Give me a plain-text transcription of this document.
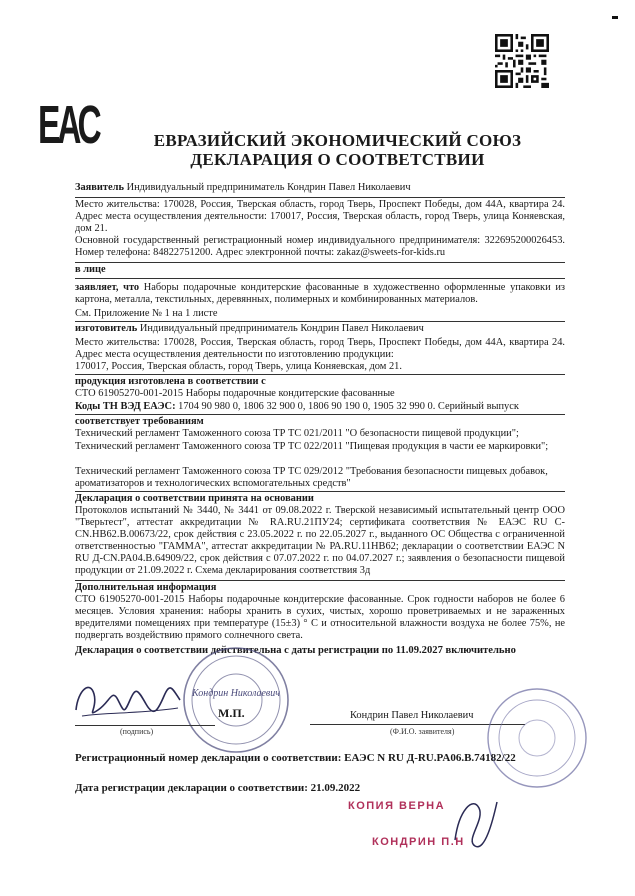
ЕАС	ЕВРАЗИЙСКИЙ ЭКОНОМИЧЕСКИЙ СОЮЗ
ДЕКЛАРАЦИЯ О СООТВЕТСТВИИ
Заявитель Индивидуальный предприниматель Кондрин Павел Николаевич
Место жительства: 170028, Россия, Тверская область, город Тверь, Проспект Победы, дом 44А, квартира 24. Адрес места осуществления деятельности: 170017, Россия, Тверская область, город Тверь, улица Коняевская, дом 21.
Основной государственный регистрационный номер индивидуального предпринимателя: 322695200026453. Номер телефона: 84822751200. Адрес электронной почты: zakaz@sweets-for-kids.ru
в лице
заявляет, что Наборы подарочные кондитерские фасованные в художественно оформленные упаковки из картона, металла, текстильных, деревянных, полимерных и комбинированных материалов.
См. Приложение № 1 на 1 листе
изготовитель Индивидуальный предприниматель Кондрин Павел Николаевич
Место жительства: 170028, Россия, Тверская область, город Тверь, Проспект Победы, дом 44А, квартира 24. Адрес места осуществления деятельности по изготовлению продукции:
170017, Россия, Тверская область, город Тверь, улица Коняевская, дом 21.
продукция изготовлена в соответствии с
СТО 61905270-001-2015 Наборы подарочные кондитерские фасованные
Коды ТН ВЭД ЕАЭС: 1704 90 980 0, 1806 32 900 0, 1806 90 190 0, 1905 32 990 0. Серийный выпуск
соответствует требованиям
Технический регламент Таможенного союза ТР ТС 021/2011 "О безопасности пищевой продукции";
Технический регламент Таможенного союза ТР ТС 022/2011 "Пищевая продукция в части ее маркировки";
Технический регламент Таможенного союза ТР ТС 029/2012 "Требования безопасности пищевых добавок, ароматизаторов и технологических вспомогательных средств"
Декларация о соответствии принята на основании
Протоколов испытаний № 3440, № 3441 от 09.08.2022 г. Тверской независимый испытательный центр ООО "Тверьтест", аттестат аккредитации № RA.RU.21ПУ24; сертификата соответствия № ЕАЭС RU С-CN.НВ62.В.00673/22, срок действия с 23.05.2022 г. по 22.05.2027 г., выданного ОС Общества с ограниченной ответственностью "ГАММА", аттестат аккредитации № РА.RU.11НВ62; декларации о соответствии ЕАЭС N RU Д-CN.PA04.В.64909/22, срок действия с 07.07.2022 г. по 04.07.2027 г.; заявления о безопасности пищевой продукции от 21.09.2022 г. Схема декларирования соответствия 3д
Дополнительная информация
СТО 61905270-001-2015 Наборы подарочные кондитерские фасованные. Срок годности наборов не более 6 месяцев. Условия хранения: наборы хранить в сухих, чистых, хорошо проветриваемых и не зараженных вредителями помещениях при температуре (15±3) ° С и относительной влажности воздуха не более 75%, не подвергать воздействию прямого солнечного света.
Декларация о соответствии действительна с даты регистрации по 11.09.2027 включительно
Кондрин Николаевич
М.П.
(подпись)
Кондрин Павел Николаевич
(Ф.И.О. заявителя)
Регистрационный номер декларации о соответствии: ЕАЭС N RU Д-RU.PA06.В.74182/22
Дата регистрации декларации о соответствии: 21.09.2022
КОПИЯ ВЕРНА
КОНДРИН П.Н
